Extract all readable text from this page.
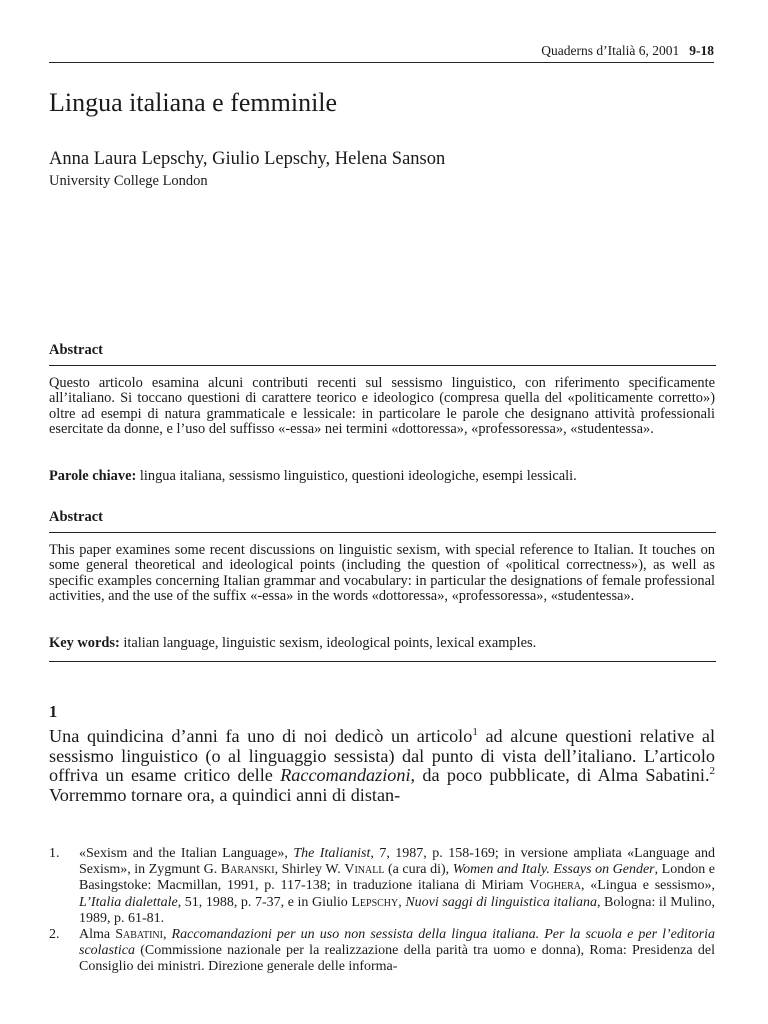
Quaderns d’Italià 6, 2001 9-18
Lingua italiana e femminile
Anna Laura Lepschy, Giulio Lepschy, Helena Sanson
University College London
Abstract
Questo articolo esamina alcuni contributi recenti sul sessismo linguistico, con riferimento specificamente all’italiano. Si toccano questioni di carattere teorico e ideologico (compresa quella del «politicamente corretto») oltre ad esempi di natura grammaticale e lessicale: in particolare le parole che designano attività professionali esercitate da donne, e l’uso del suffisso «-essa» nei termini «dottoressa», «professoressa», «studentessa».
Parole chiave: lingua italiana, sessismo linguistico, questioni ideologiche, esempi lessicali.
Abstract
This paper examines some recent discussions on linguistic sexism, with special reference to Italian. It touches on some general theoretical and ideological points (including the question of «political correctness»), as well as specific examples concerning Italian grammar and vocabulary: in particular the designations of female professional activities, and the use of the suffix «-essa» in the words «dottoressa», «professoressa», «studentessa».
Key words: italian language, linguistic sexism, ideological points, lexical examples.
1
Una quindicina d’anni fa uno di noi dedicò un articolo$^1$ ad alcune questioni relative al sessismo linguistico (o al linguaggio sessista) dal punto di vista dell’italiano. L’articolo offriva un esame critico delle Raccomandazioni, da poco pubblicate, di Alma Sabatini.$^2$ Vorremmo tornare ora, a quindici anni di distan-
1. «Sexism and the Italian Language», The Italianist, 7, 1987, p. 158-169; in versione ampliata «Language and Sexism», in Zygmunt G. Baranski, Shirley W. Vinall (a cura di), Women and Italy. Essays on Gender, London e Basingstoke: Macmillan, 1991, p. 117-138; in traduzione italiana di Miriam Voghera, «Lingua e sessismo», L’Italia dialettale, 51, 1988, p. 7-37, e in Giulio Lepschy, Nuovi saggi di linguistica italiana, Bologna: il Mulino, 1989, p. 61-81.
2. Alma Sabatini, Raccomandazioni per un uso non sessista della lingua italiana. Per la scuola e per l’editoria scolastica (Commissione nazionale per la realizzazione della parità tra uomo e donna), Roma: Presidenza del Consiglio dei ministri. Direzione generale delle informa-
